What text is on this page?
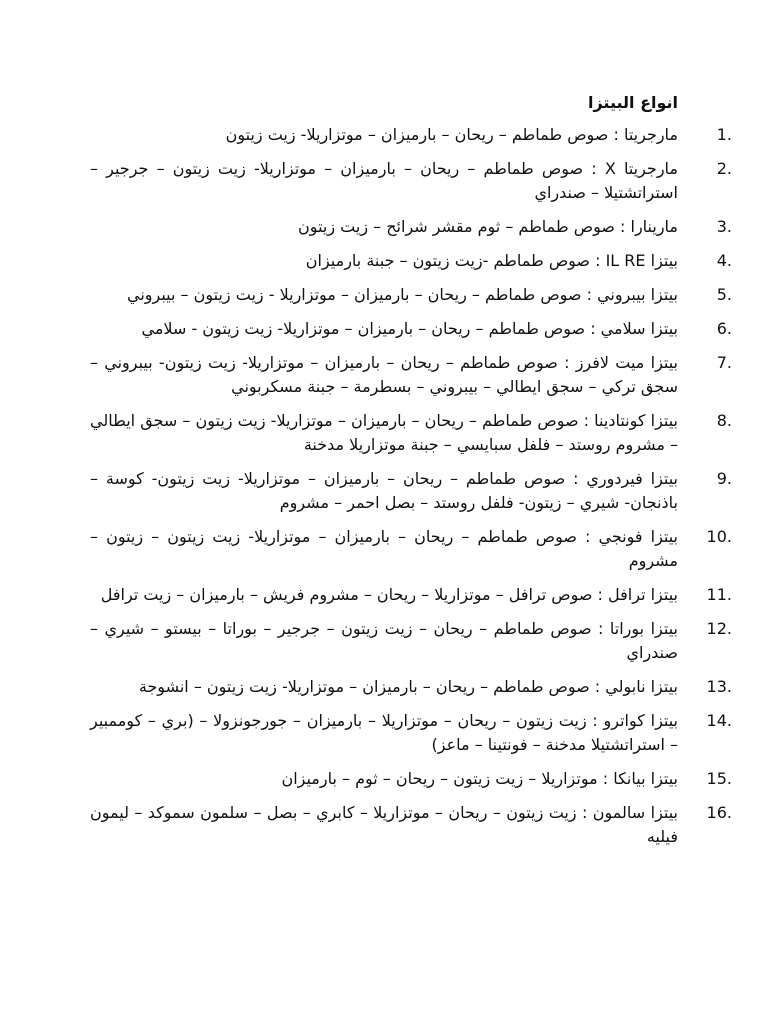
انواع البيتزا
1.
مارجريتا : صوص طماطم – ريحان – بارميزان – موتزاريلا- زيت زيتون
2.
مارجريتا X : صوص طماطم – ريحان – بارميزان – موتزاريلا- زيت زيتون – جرجير – استراتشتيلا – صندراي
3.
مارينارا : صوص طماطم – ثوم مقشر شرائح – زيت زيتون
4.
بيتزا IL RE : صوص طماطم -زيت زيتون – جبنة بارميزان
5.
بيتزا بيبروني : صوص طماطم – ريحان – بارميزان – موتزاريلا - زيت زيتون – بيبروني
6.
بيتزا سلامي : صوص طماطم – ريحان – بارميزان – موتزاريلا- زيت زيتون - سلامي
7.
بيتزا ميت لافرز : صوص طماطم – ريحان – بارميزان – موتزاريلا- زيت زيتون- بيبروني – سجق تركي – سجق ايطالي – بيبروني – بسطرمة – جبنة مسكربوني
8.
بيتزا كونتادينا : صوص طماطم – ريحان – بارميزان – موتزاريلا- زيت زيتون – سجق ايطالي – مشروم روستد – فلفل سبايسي – جبنة موتزاريلا مدخنة
9.
بيتزا فيردوري : صوص طماطم – ريحان – بارميزان – موتزاريلا- زيت زيتون- كوسة – باذنجان- شيري – زيتون- فلفل روستد – بصل احمر – مشروم
10.
بيتزا فونجي : صوص طماطم – ريحان – بارميزان – موتزاريلا- زيت زيتون – زيتون – مشروم
11.
بيتزا ترافل : صوص ترافل – موتزاريلا – ريحان – مشروم فريش – بارميزان – زيت ترافل
12.
بيتزا بوراتا : صوص طماطم – ريحان – زيت زيتون – جرجير – بوراتا – بيستو – شيري – صندراي
13.
بيتزا نابولي : صوص طماطم – ريحان – بارميزان – موتزاريلا- زيت زيتون – انشوجة
14.
بيتزا كواترو : زيت زيتون – ريحان – موتزاريلا – بارميزان – جورجونزولا – (بري – كوممبير – استراتشتيلا مدخنة – فونتينا – ماعز)
15.
بيتزا بيانكا : موتزاريلا – زيت زيتون – ريحان – ثوم – بارميزان
16.
بيتزا سالمون : زيت زيتون – ريحان – موتزاريلا – كابري – بصل – سلمون سموكد – ليمون فيليه
